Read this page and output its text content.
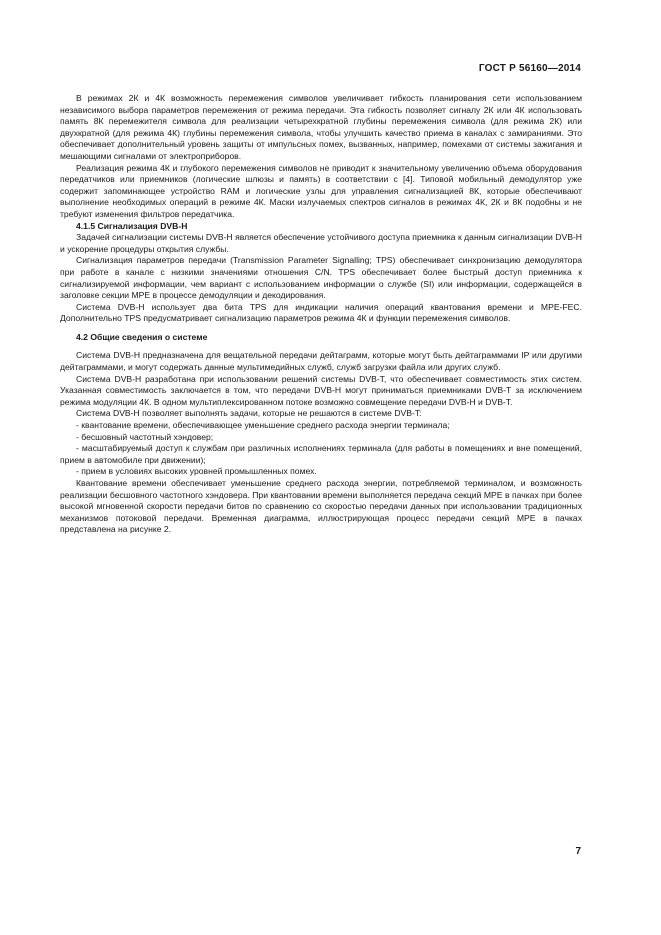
ГОСТ Р 56160—2014

В режимах 2К и 4К возможность перемежения символов увеличивает гибкость планирования сети использованием независимого выбора параметров перемежения от режима передачи. Эта гибкость позволяет сигналу 2К или 4К использовать память 8К перемежителя символа для реализации четырехкратной глубины перемежения символа (для режима 2К) или двухкратной (для режима 4К) глубины перемежения символа, чтобы улучшить качество приема в каналах с замираниями. Это обеспечивает дополнительный уровень защиты от импульсных помех, вызванных, например, помехами от системы зажигания и мешающими сигналами от электроприборов.

Реализация режима 4К и глубокого перемежения символов не приводит к значительному увеличению объема оборудования передатчиков или приемников (логические шлюзы и память) в соответствии с [4]. Типовой мобильный демодулятор уже содержит запоминающее устройство RAM и логические узлы для управления сигнализацией 8К, которые обеспечивают выполнение необходимых операций в режиме 4К. Маски излучаемых спектров сигналов в режимах 4К, 2К и 8К подобны и не требуют изменения фильтров передатчика.

4.1.5 Сигнализация DVB-H

Задачей сигнализации системы DVB-H является обеспечение устойчивого доступа приемника к данным сигнализации DVB-H и ускорение процедуры открытия службы.

Сигнализация параметров передачи (Transmission Parameter Signalling; TPS) обеспечивает синхронизацию демодулятора при работе в канале с низкими значениями отношения С/N. TPS обеспечивает более быстрый доступ приемника к сигнализируемой информации, чем вариант с использованием информации о службе (SI) или информации, содержащейся в заголовке секции МРЕ в процессе демодуляции и декодирования.

Система DVB-H использует два бита TPS для индикации наличия операций квантования времени и MPE-FEC. Дополнительно TPS предусматривает сигнализацию параметров режима 4К и функции перемежения символов.

4.2 Общие сведения о системе

Система DVB-H предназначена для вещательной передачи дейтаграмм, которые могут быть дейтаграммами IP или другими дейтаграммами, и могут содержать данные мультимедийных служб, служб загрузки файла или других служб.

Система DVB-H разработана при использовании решений системы DVB-T, что обеспечивает совместимость этих систем. Указанная совместимость заключается в том, что передачи DVB-H могут приниматься приемниками DVB-T за исключением режима модуляции 4К. В одном мультиплексированном потоке возможно совмещение передачи DVB-H и DVB-T.

Система DVB-H позволяет выполнять задачи, которые не решаются в системе DVB-T:

- квантование времени, обеспечивающее уменьшение среднего расхода энергии терминала;

- бесшовный частотный хэндовер;

- масштабируемый доступ к службам при различных исполнениях терминала (для работы в помещениях и вне помещений, прием в автомобиле при движении);

- прием в условиях высоких уровней промышленных помех.

Квантование времени обеспечивает уменьшение среднего расхода энергии, потребляемой терминалом, и возможность реализации бесшовного частотного хэндовера. При квантовании времени выполняется передача секций МРЕ в пачках при более высокой мгновенной скорости передачи битов по сравнению со скоростью передачи данных при использовании традиционных механизмов потоковой передачи. Временная диаграмма, иллюстрирующая процесс передачи секций МРЕ в пачках представлена на рисунке 2.

7
